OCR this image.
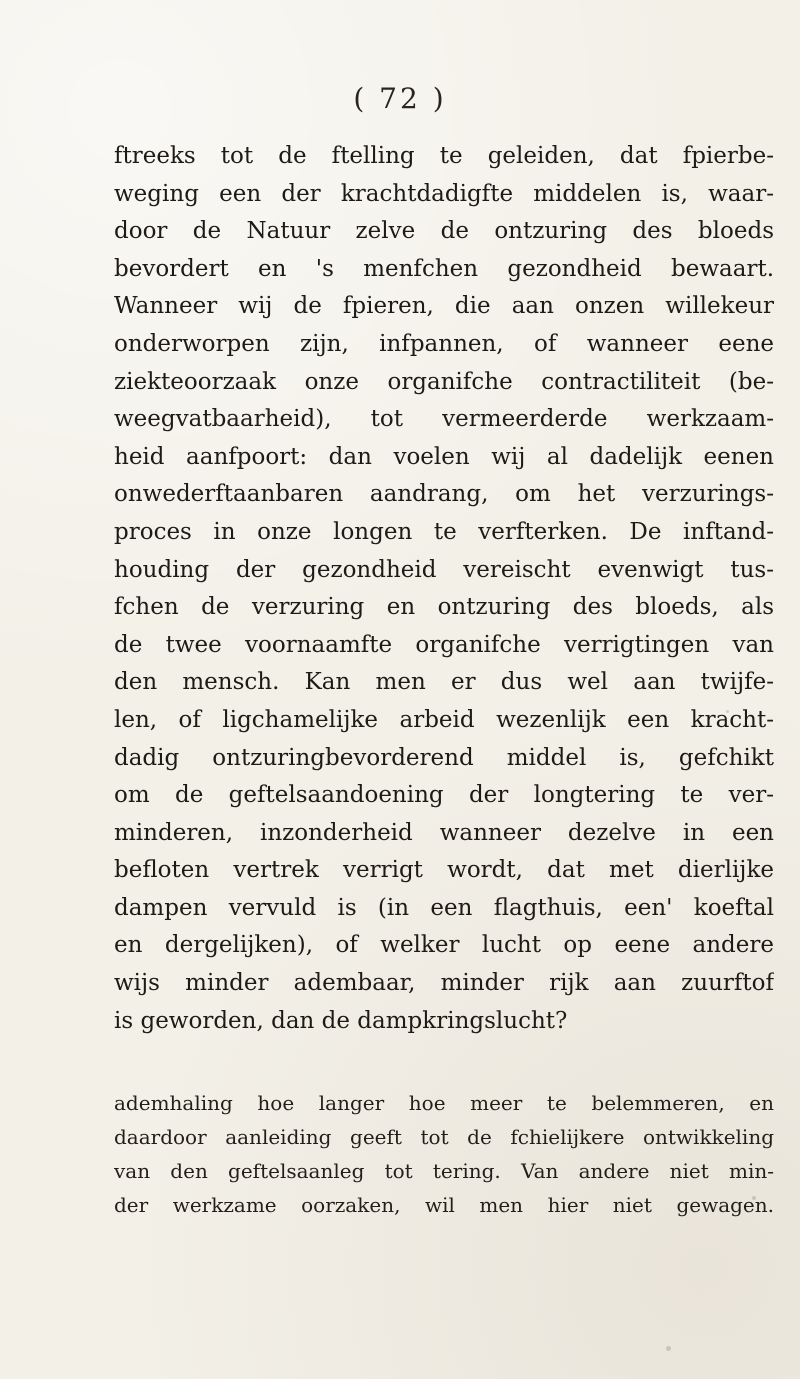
( 72 )
ftreeks tot de ftelling te geleiden, dat fpierbe-
weging een der krachtdadigfte middelen is, waar-
door de Natuur zelve de ontzuring des bloeds
bevordert en 's menfchen gezondheid bewaart.
Wanneer wij de fpieren, die aan onzen willekeur
onderworpen zijn, infpannen, of wanneer eene
ziekteoorzaak onze organifche contractiliteit (be-
weegvatbaarheid), tot vermeerderde werkzaam-
heid aanfpoort: dan voelen wij al dadelijk eenen
onwederftaanbaren aandrang, om het verzurings-
proces in onze longen te verfterken. De inftand-
houding der gezondheid vereischt evenwigt tus-
fchen de verzuring en ontzuring des bloeds, als
de twee voornaamfte organifche verrigtingen van
den mensch. Kan men er dus wel aan twijfe-
len, of ligchamelijke arbeid wezenlijk een kracht-
dadig ontzuringbevorderend middel is, gefchikt
om de geftelsaandoening der longtering te ver-
minderen, inzonderheid wanneer dezelve in een
befloten vertrek verrigt wordt, dat met dierlijke
dampen vervuld is (in een flagthuis, een' koeftal
en dergelijken), of welker lucht op eene andere
wijs minder adembaar, minder rijk aan zuurftof
is geworden, dan de dampkringslucht?
ademhaling hoe langer hoe meer te belemmeren, en
daardoor aanleiding geeft tot de fchielijkere ontwikkeling
van den geftelsaanleg tot tering. Van andere niet min-
der werkzame oorzaken, wil men hier niet gewagen.
